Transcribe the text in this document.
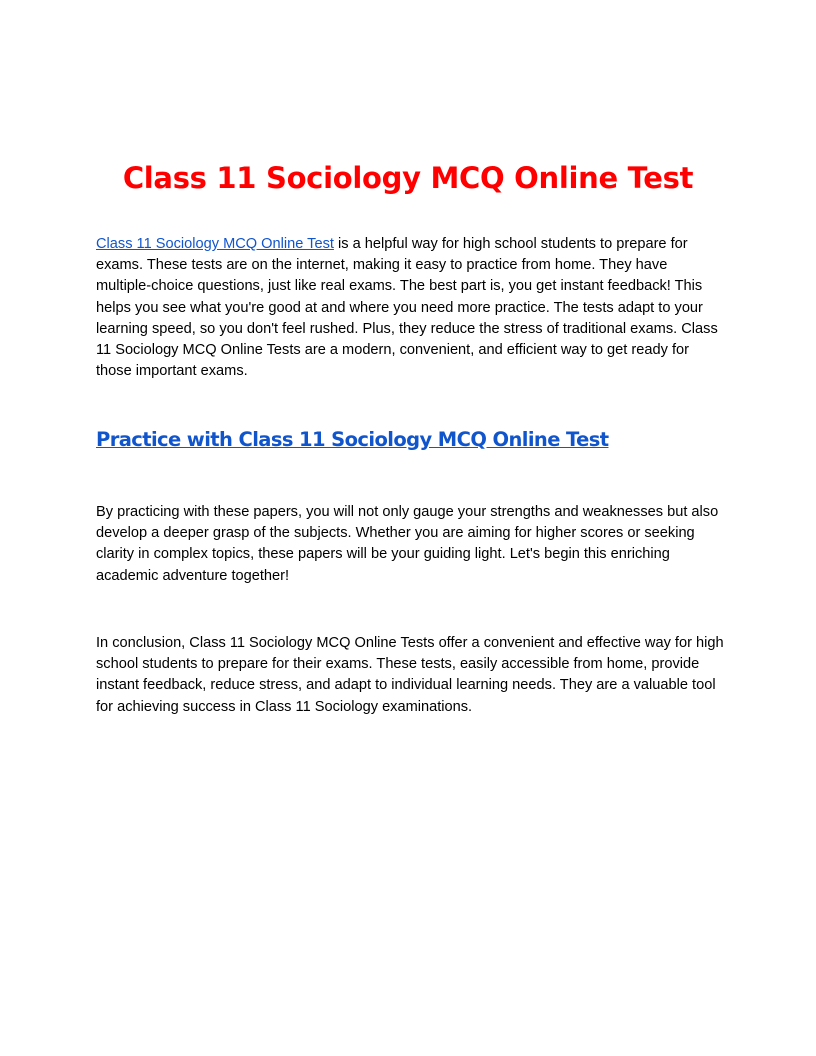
Class 11 Sociology MCQ Online Test

Class 11 Sociology MCQ Online Test is a helpful way for high school students to prepare for exams. These tests are on the internet, making it easy to practice from home. They have multiple-choice questions, just like real exams. The best part is, you get instant feedback! This helps you see what you're good at and where you need more practice. The tests adapt to your learning speed, so you don't feel rushed. Plus, they reduce the stress of traditional exams. Class 11 Sociology MCQ Online Tests are a modern, convenient, and efficient way to get ready for those important exams.

Practice with Class 11 Sociology MCQ Online Test

By practicing with these papers, you will not only gauge your strengths and weaknesses but also develop a deeper grasp of the subjects. Whether you are aiming for higher scores or seeking clarity in complex topics, these papers will be your guiding light. Let's begin this enriching academic adventure together!

In conclusion, Class 11 Sociology MCQ Online Tests offer a convenient and effective way for high school students to prepare for their exams. These tests, easily accessible from home, provide instant feedback, reduce stress, and adapt to individual learning needs. They are a valuable tool for achieving success in Class 11 Sociology examinations.
